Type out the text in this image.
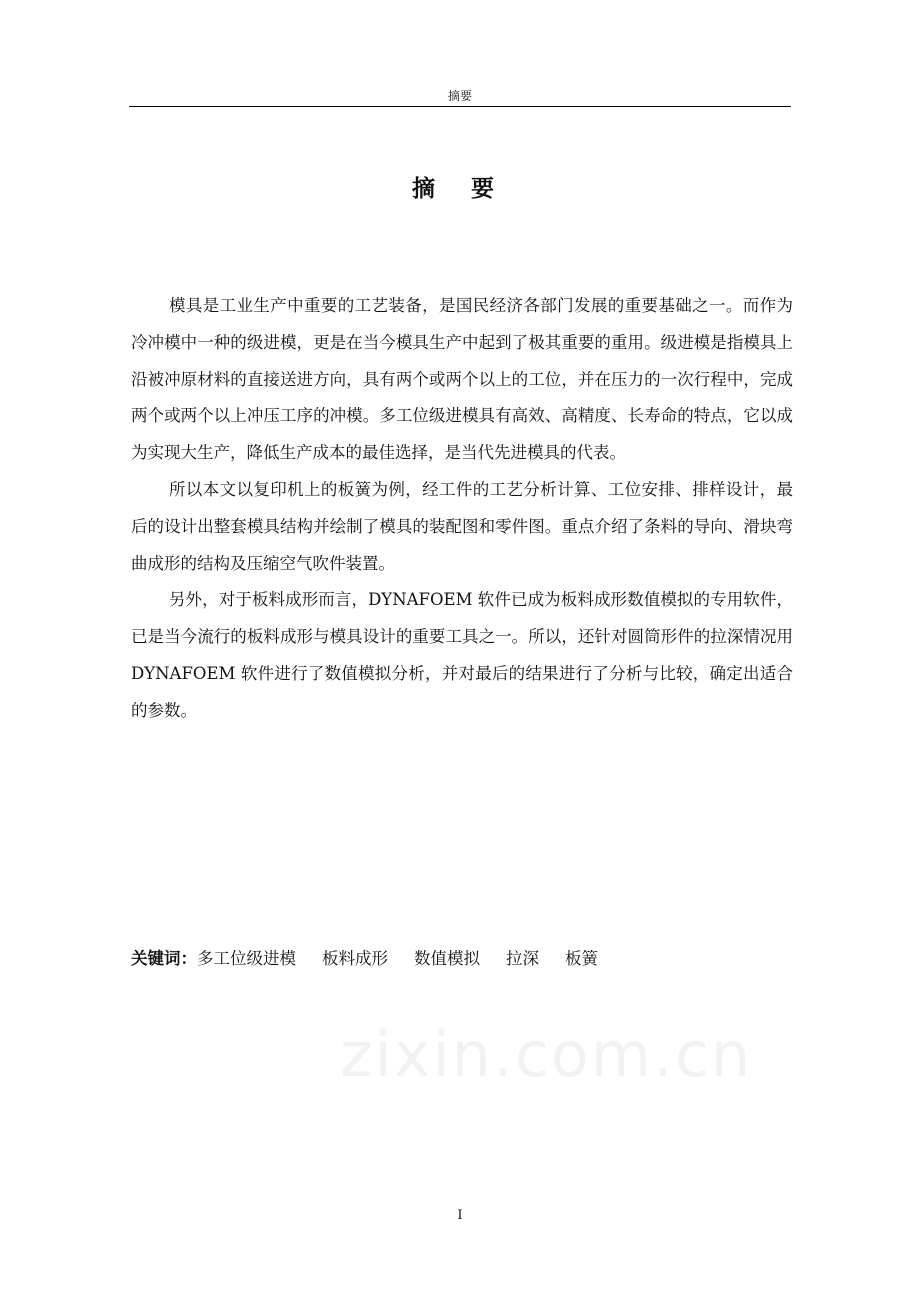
摘要
摘 要

模具是工业生产中重要的工艺装备，是国民经济各部门发展的重要基础之一。而作为冷冲模中一种的级进模，更是在当今模具生产中起到了极其重要的重用。级进模是指模具上沿被冲原材料的直接送进方向，具有两个或两个以上的工位，并在压力的一次行程中，完成两个或两个以上冲压工序的冲模。多工位级进模具有高效、高精度、长寿命的特点，它以成为实现大生产，降低生产成本的最佳选择，是当代先进模具的代表。

所以本文以复印机上的板簧为例，经工件的工艺分析计算、工位安排、排样设计，最后的设计出整套模具结构并绘制了模具的装配图和零件图。重点介绍了条料的导向、滑块弯曲成形的结构及压缩空气吹件装置。

另外，对于板料成形而言，DYNAFOEM 软件已成为板料成形数值模拟的专用软件，已是当今流行的板料成形与模具设计的重要工具之一。所以，还针对圆筒形件的拉深情况用 DYNAFOEM 软件进行了数值模拟分析，并对最后的结果进行了分析与比较，确定出适合的参数。

关键词：多工位级进模 板料成形 数值模拟 拉深 板簧
zixin.com.cn
I
